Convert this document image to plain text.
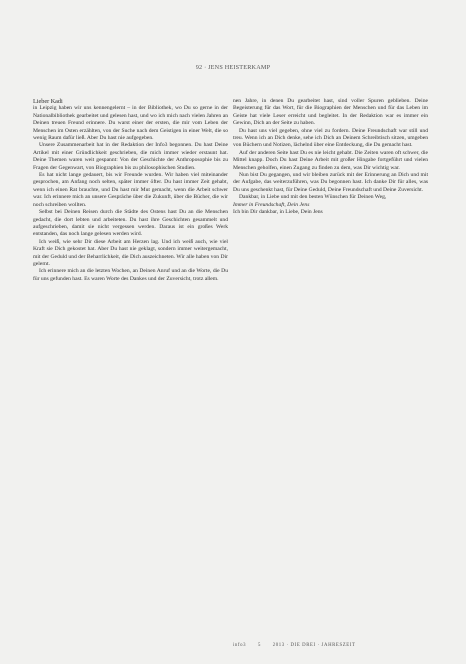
92 · JENS HEISTERKAMP

Lieber Kadi

in Leipzig haben wir uns kennengelernt – in der Bibliothek, wo Du so gerne in der Nationalbibliothek gearbeitet und gelesen hast, und wo ich mich nach vielen Jahren an Deinen treuen Freund erinnere. Du warst einer der ersten, die mir vom Leben der Menschen im Osten erzählten, von der Suche nach dem Geistigen in einer Welt, die so wenig Raum dafür ließ. Aber Du hast nie aufgegeben.

Unsere Zusammenarbeit hat in der Redaktion der Info3 begonnen. Du hast Deine Artikel mit einer Gründlichkeit geschrieben, die mich immer wieder erstaunt hat. Deine Themen waren weit gespannt: Von der Geschichte der Anthroposophie bis zu Fragen der Gegenwart, von Biographien bis zu philosophischen Studien.

Es hat nicht lange gedauert, bis wir Freunde wurden. Wir haben viel miteinander gesprochen, am Anfang noch selten, später immer öfter. Du hast immer Zeit gehabt, wenn ich einen Rat brauchte, und Du hast mir Mut gemacht, wenn die Arbeit schwer war. Ich erinnere mich an unsere Gespräche über die Zukunft, über die Bücher, die wir noch schreiben wollten.

Selbst bei Deinen Reisen durch die Städte des Ostens hast Du an die Menschen gedacht, die dort lebten und arbeiteten. Du hast ihre Geschichten gesammelt und aufgeschrieben, damit sie nicht vergessen werden. Daraus ist ein großes Werk entstanden, das noch lange gelesen werden wird.

Ich weiß, wie sehr Dir diese Arbeit am Herzen lag. Und ich weiß auch, wie viel Kraft sie Dich gekostet hat. Aber Du hast nie geklagt, sondern immer weitergemacht, mit der Geduld und der Beharrlichkeit, die Dich auszeichneten. Wir alle haben von Dir gelernt.

Ich erinnere mich an die letzten Wochen, an Deinen Anruf und an die Worte, die Du für uns gefunden hast. Es waren Worte des Dankes und der Zuversicht, trotz allem.

nen Jahre, in denen Du gearbeitet hast, sind voller Spuren geblieben. Deine Begeisterung für das Wort, für die Biographien der Menschen und für das Leben im Geiste hat viele Leser erreicht und begleitet. In der Redaktion war es immer ein Gewinn, Dich an der Seite zu haben.

Du hast uns viel gegeben, ohne viel zu fordern. Deine Freundschaft war still und treu. Wenn ich an Dich denke, sehe ich Dich an Deinem Schreibtisch sitzen, umgeben von Büchern und Notizen, lächelnd über eine Entdeckung, die Du gemacht hast.

Auf der anderen Seite hast Du es nie leicht gehabt. Die Zeiten waren oft schwer, die Mittel knapp. Doch Du hast Deine Arbeit mit großer Hingabe fortgeführt und vielen Menschen geholfen, einen Zugang zu finden zu dem, was Dir wichtig war.

Nun bist Du gegangen, und wir bleiben zurück mit der Erinnerung an Dich und mit der Aufgabe, das weiterzuführen, was Du begonnen hast. Ich danke Dir für alles, was Du uns geschenkt hast, für Deine Geduld, Deine Freundschaft und Deine Zuversicht.

Dankbar, in Liebe und mit den besten Wünschen für Deinen Weg,

Immer in Freundschaft, Dein Jens

Ich bin Dir dankbar, in Liebe, Dein Jens

info3 5 2013 · DIE DREI · JAHRESZEIT
